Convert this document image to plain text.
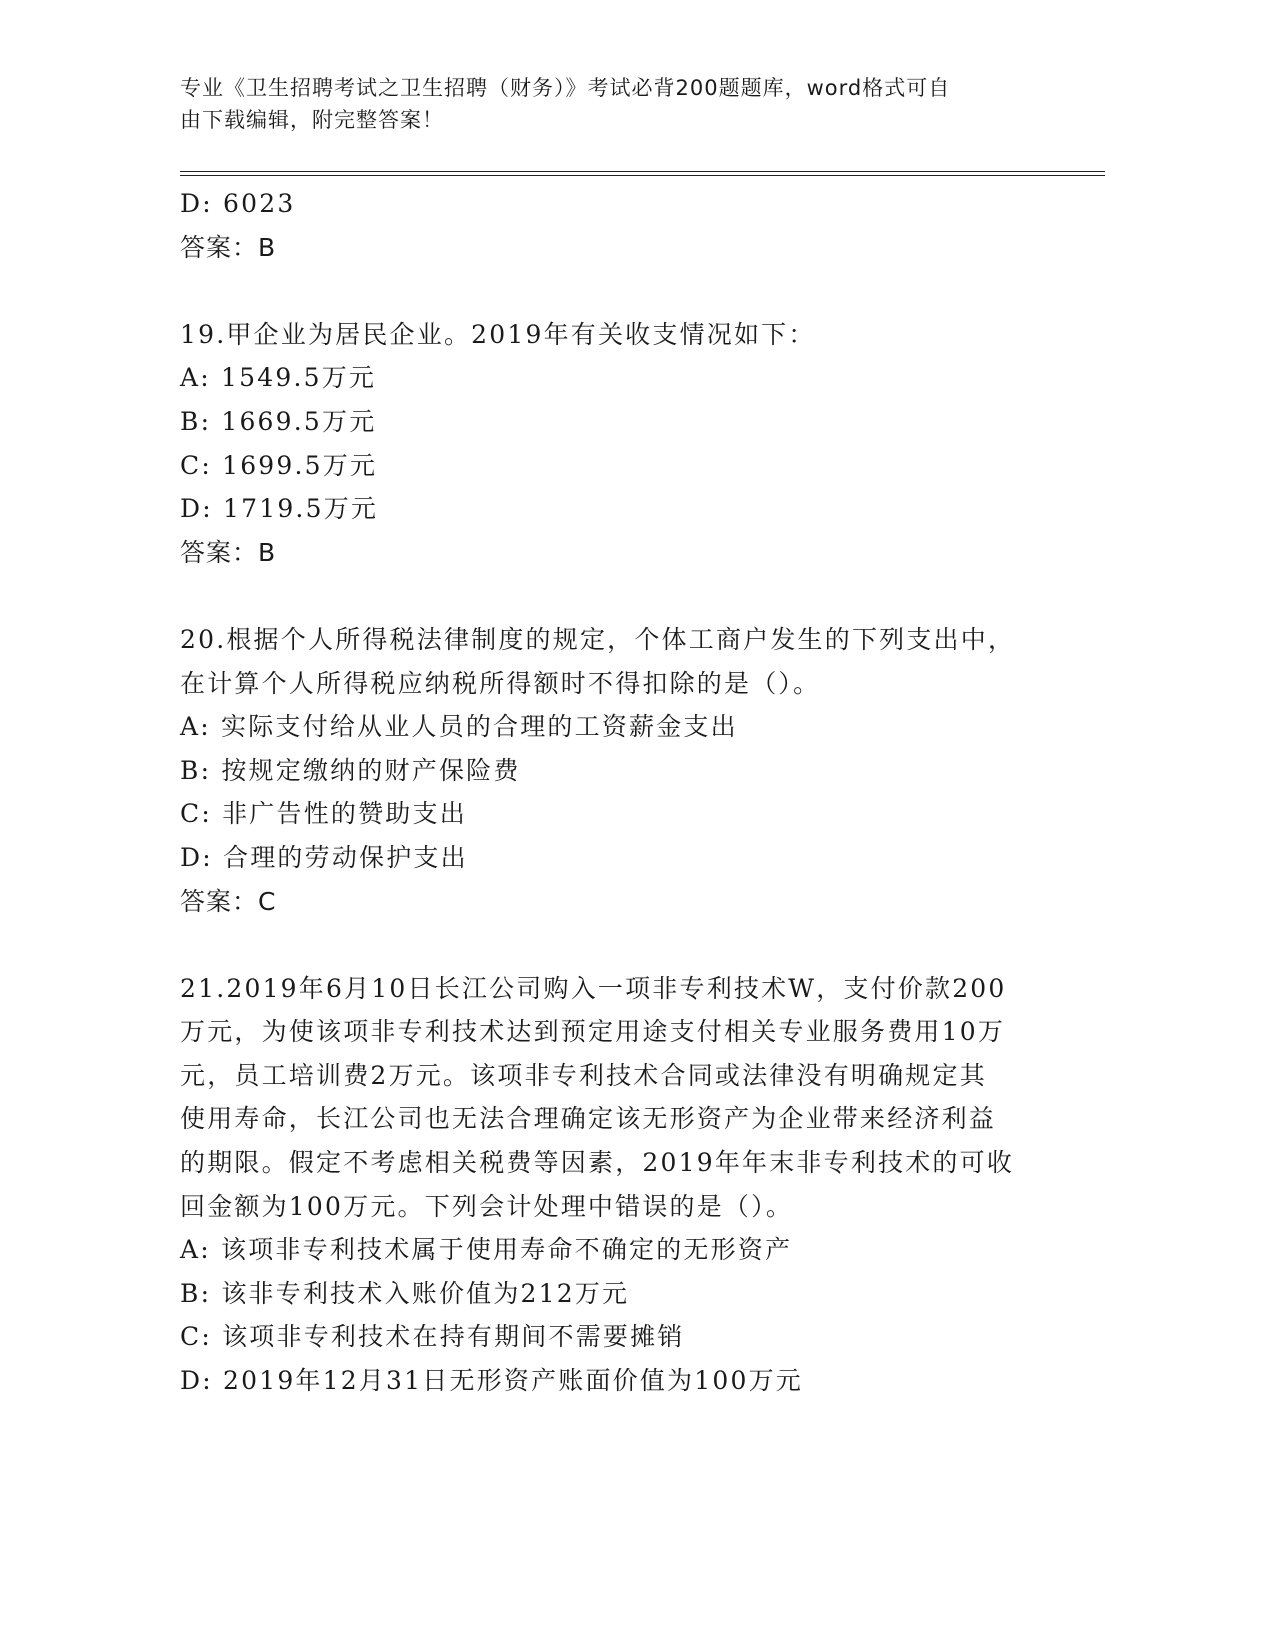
专业《卫生招聘考试之卫生招聘（财务）》考试必背200题题库，word格式可自
由下载编辑，附完整答案！
D: 6023
答案：B
19.甲企业为居民企业。2019年有关收支情况如下：
A: 1549.5万元
B: 1669.5万元
C: 1699.5万元
D: 1719.5万元
答案：B
20.根据个人所得税法律制度的规定，个体工商户发生的下列支出中，
在计算个人所得税应纳税所得额时不得扣除的是（）。
A: 实际支付给从业人员的合理的工资薪金支出
B: 按规定缴纳的财产保险费
C: 非广告性的赞助支出
D: 合理的劳动保护支出
答案：C
21.2019年6月10日长江公司购入一项非专利技术W，支付价款200
万元，为使该项非专利技术达到预定用途支付相关专业服务费用10万
元，员工培训费2万元。该项非专利技术合同或法律没有明确规定其
使用寿命，长江公司也无法合理确定该无形资产为企业带来经济利益
的期限。假定不考虑相关税费等因素，2019年年末非专利技术的可收
回金额为100万元。下列会计处理中错误的是（）。
A: 该项非专利技术属于使用寿命不确定的无形资产
B: 该非专利技术入账价值为212万元
C: 该项非专利技术在持有期间不需要摊销
D: 2019年12月31日无形资产账面价值为100万元
